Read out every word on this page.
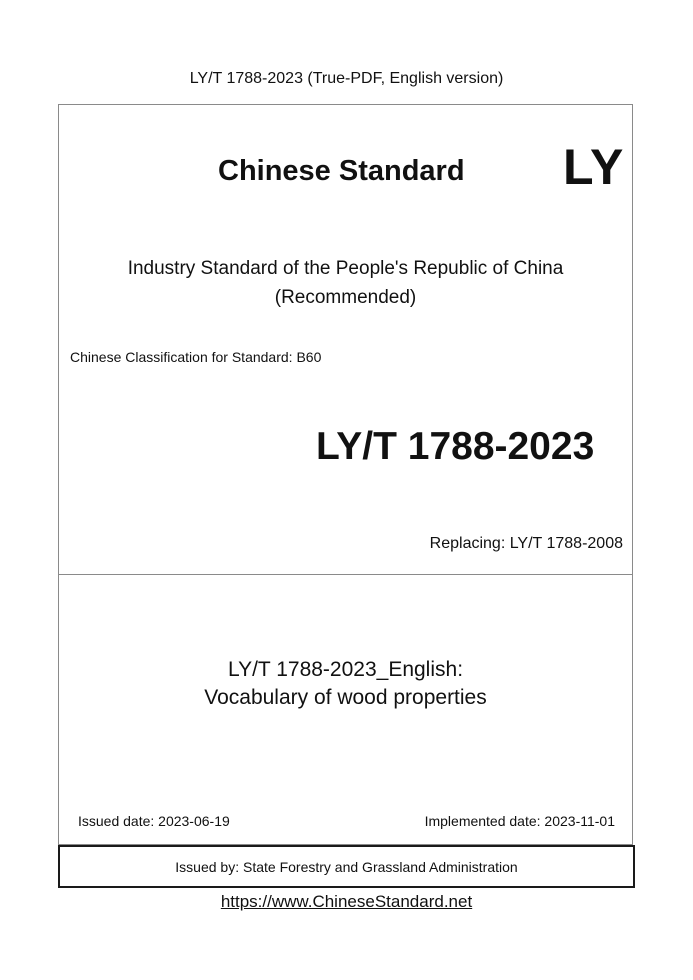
LY/T 1788-2023 (True-PDF, English version)
Chinese Standard LY
Industry Standard of the People's Republic of China
(Recommended)
Chinese Classification for Standard: B60
LY/T 1788-2023
Replacing: LY/T 1788-2008
LY/T 1788-2023_English:
Vocabulary of wood properties
Issued date: 2023-06-19	Implemented date: 2023-11-01
Issued by: State Forestry and Grassland Administration
https://www.ChineseStandard.net
